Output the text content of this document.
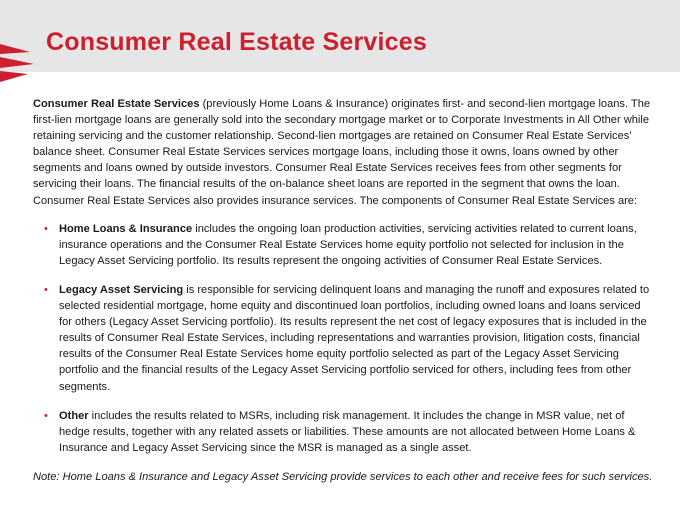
Consumer Real Estate Services

Consumer Real Estate Services (previously Home Loans & Insurance) originates first- and second-lien mortgage loans. The first-lien mortgage loans are generally sold into the secondary mortgage market or to Corporate Investments in All Other while retaining servicing and the customer relationship. Second-lien mortgages are retained on Consumer Real Estate Services’ balance sheet. Consumer Real Estate Services services mortgage loans, including those it owns, loans owned by other segments and loans owned by outside investors. Consumer Real Estate Services receives fees from other segments for servicing their loans. The financial results of the on-balance sheet loans are reported in the segment that owns the loan. Consumer Real Estate Services also provides insurance services. The components of Consumer Real Estate Services are:

• Home Loans & Insurance includes the ongoing loan production activities, servicing activities related to current loans, insurance operations and the Consumer Real Estate Services home equity portfolio not selected for inclusion in the Legacy Asset Servicing portfolio. Its results represent the ongoing activities of Consumer Real Estate Services.
• Legacy Asset Servicing is responsible for servicing delinquent loans and managing the runoff and exposures related to selected residential mortgage, home equity and discontinued loan portfolios, including owned loans and loans serviced for others (Legacy Asset Servicing portfolio). Its results represent the net cost of legacy exposures that is included in the results of Consumer Real Estate Services, including representations and warranties provision, litigation costs, financial results of the Consumer Real Estate Services home equity portfolio selected as part of the Legacy Asset Servicing portfolio and the financial results of the Legacy Asset Servicing portfolio serviced for others, including fees from other segments.
• Other includes the results related to MSRs, including risk management. It includes the change in MSR value, net of hedge results, together with any related assets or liabilities. These amounts are not allocated between Home Loans & Insurance and Legacy Asset Servicing since the MSR is managed as a single asset.

Note: Home Loans & Insurance and Legacy Asset Servicing provide services to each other and receive fees for such services.
